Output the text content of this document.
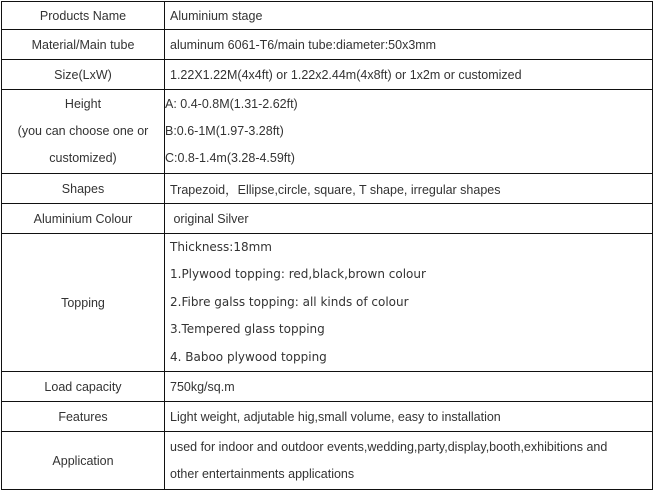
Products Name	Aluminium stage
Material/Main tube	aluminum 6061-T6/main tube:diameter:50x3mm
Size(LxW)	1.22X1.22M(4x4ft) or 1.22x2.44m(4x8ft) or 1x2m or customized

Height
(you can choose one or
customized)	A: 0.4-0.8M(1.31-2.62ft)
B:0.6-1M(1.97-3.28ft)
C:0.8-1.4m(3.28-4.59ft)

Shapes	Trapezoid，Ellipse,circle, square, T shape, irregular shapes
Aluminium Colour	original Silver
Topping	Thickness:18mm
1.Plywood topping: red,black,brown colour
2.Fibre galss topping: all kinds of colour
3.Tempered glass topping
4. Baboo plywood topping

Load capacity	750kg/sq.m
Features	Light weight, adjutable hig,small volume, easy to installation
Application	used for indoor and outdoor events,wedding,party,display,booth,exhibitions and
other entertainments applications
